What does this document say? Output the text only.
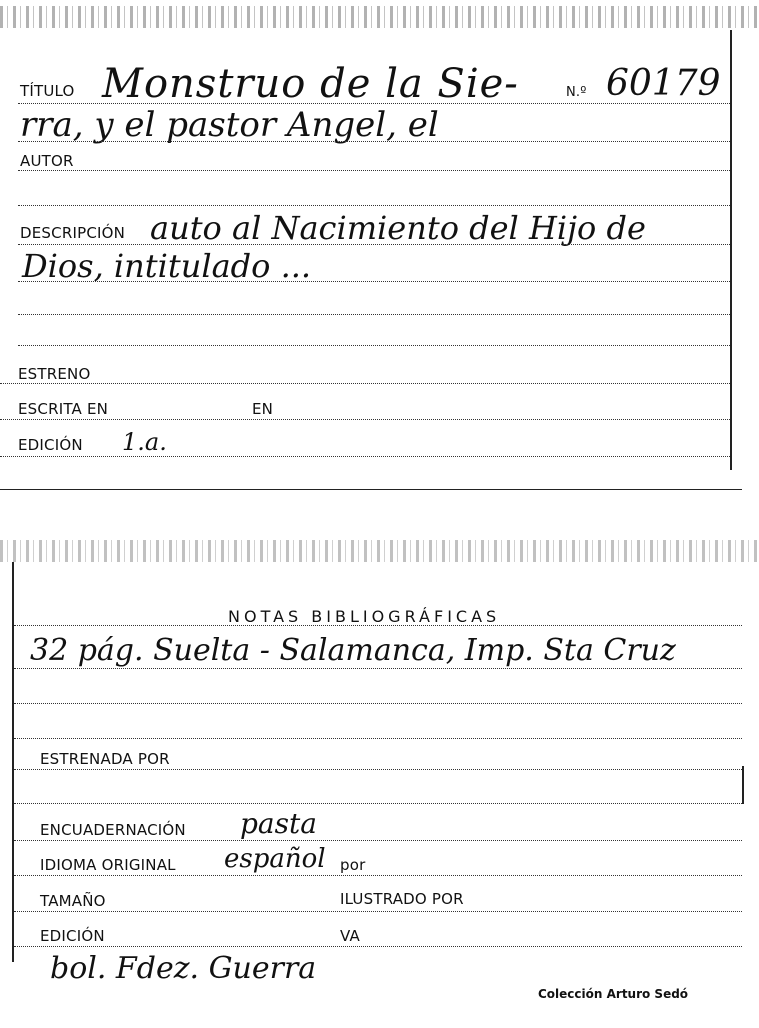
TÍTULO Monstruo de la Sie-	N.º 60179
rra, y el pastor Angel, el
AUTOR
DESCRIPCIÓN auto al Nacimiento del Hijo de
Dios, intitulado ...
ESTRENO
ESCRITA EN	EN
EDICIÓN 1.a.
NOTAS BIBLIOGRÁFICAS
32 pág. Suelta - Salamanca, Imp. Sta Cruz
ESTRENADA POR
ENCUADERNACIÓN pasta
IDIOMA ORIGINAL español por
TAMAÑO	ILUSTRADO POR
EDICIÓN	VA
bol. Fdez. Guerra
Colección Arturo Sedó
